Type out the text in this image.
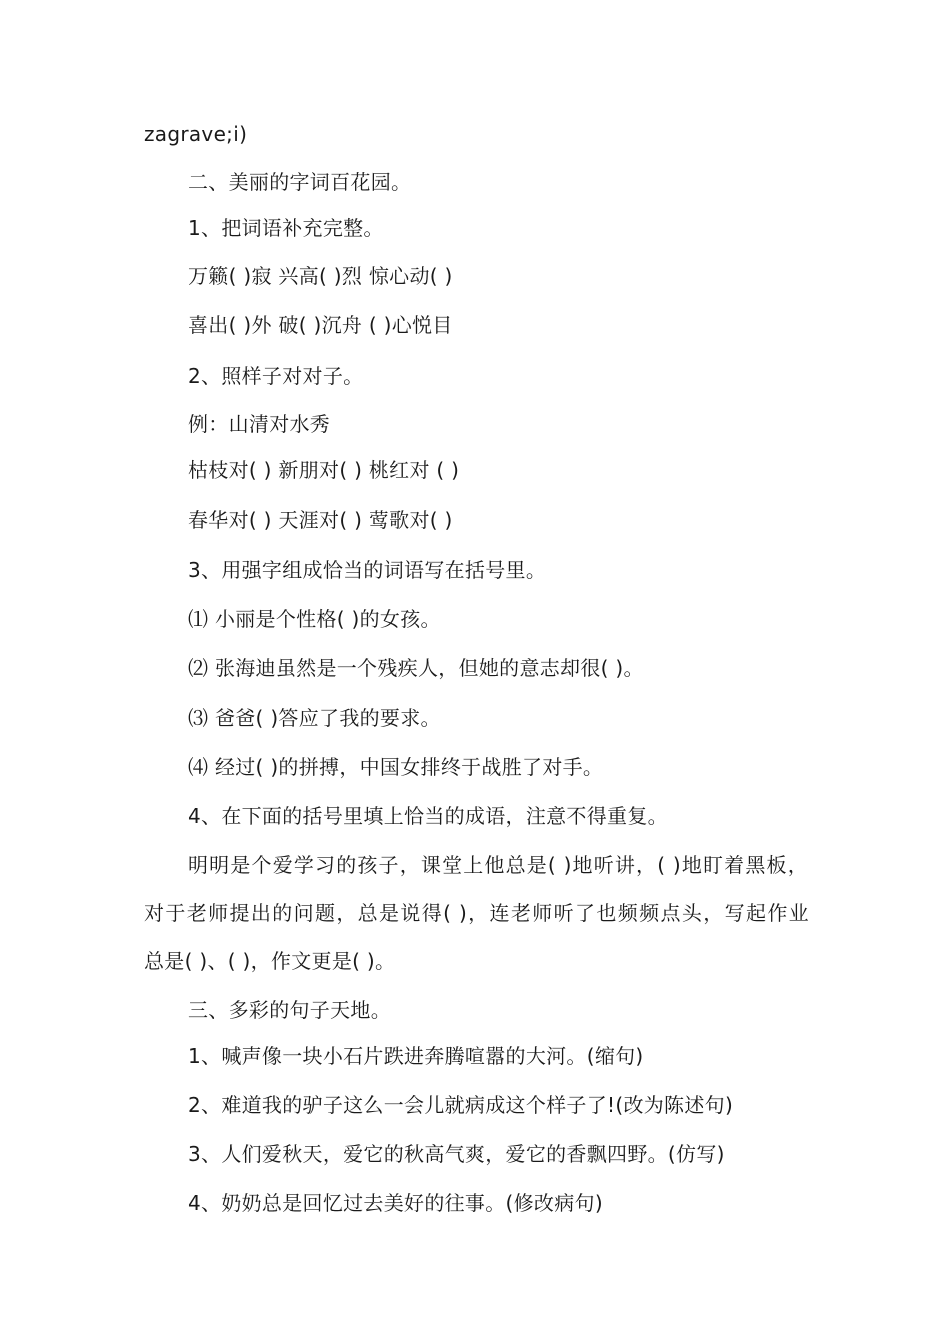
zagrave;i)
二、美丽的字词百花园。
1、把词语补充完整。
万籁( )寂 兴高( )烈 惊心动( )
喜出( )外 破( )沉舟 ( )心悦目
2、照样子对对子。
例：山清对水秀
枯枝对( ) 新朋对( ) 桃红对 ( )
春华对( ) 天涯对( ) 莺歌对( )
3、用强字组成恰当的词语写在括号里。
⑴ 小丽是个性格( )的女孩。
⑵ 张海迪虽然是一个残疾人，但她的意志却很( )。
⑶ 爸爸( )答应了我的要求。
⑷ 经过( )的拼搏，中国女排终于战胜了对手。
4、在下面的括号里填上恰当的成语，注意不得重复。
明明是个爱学习的孩子，课堂上他总是( )地听讲，( )地盯着黑板，
对于老师提出的问题，总是说得( )，连老师听了也频频点头，写起作业
总是( )、( )，作文更是( )。
三、多彩的句子天地。
1、喊声像一块小石片跌进奔腾喧嚣的大河。(缩句)
2、难道我的驴子这么一会儿就病成这个样子了!(改为陈述句)
3、人们爱秋天，爱它的秋高气爽，爱它的香飘四野。(仿写)
4、奶奶总是回忆过去美好的往事。(修改病句)
